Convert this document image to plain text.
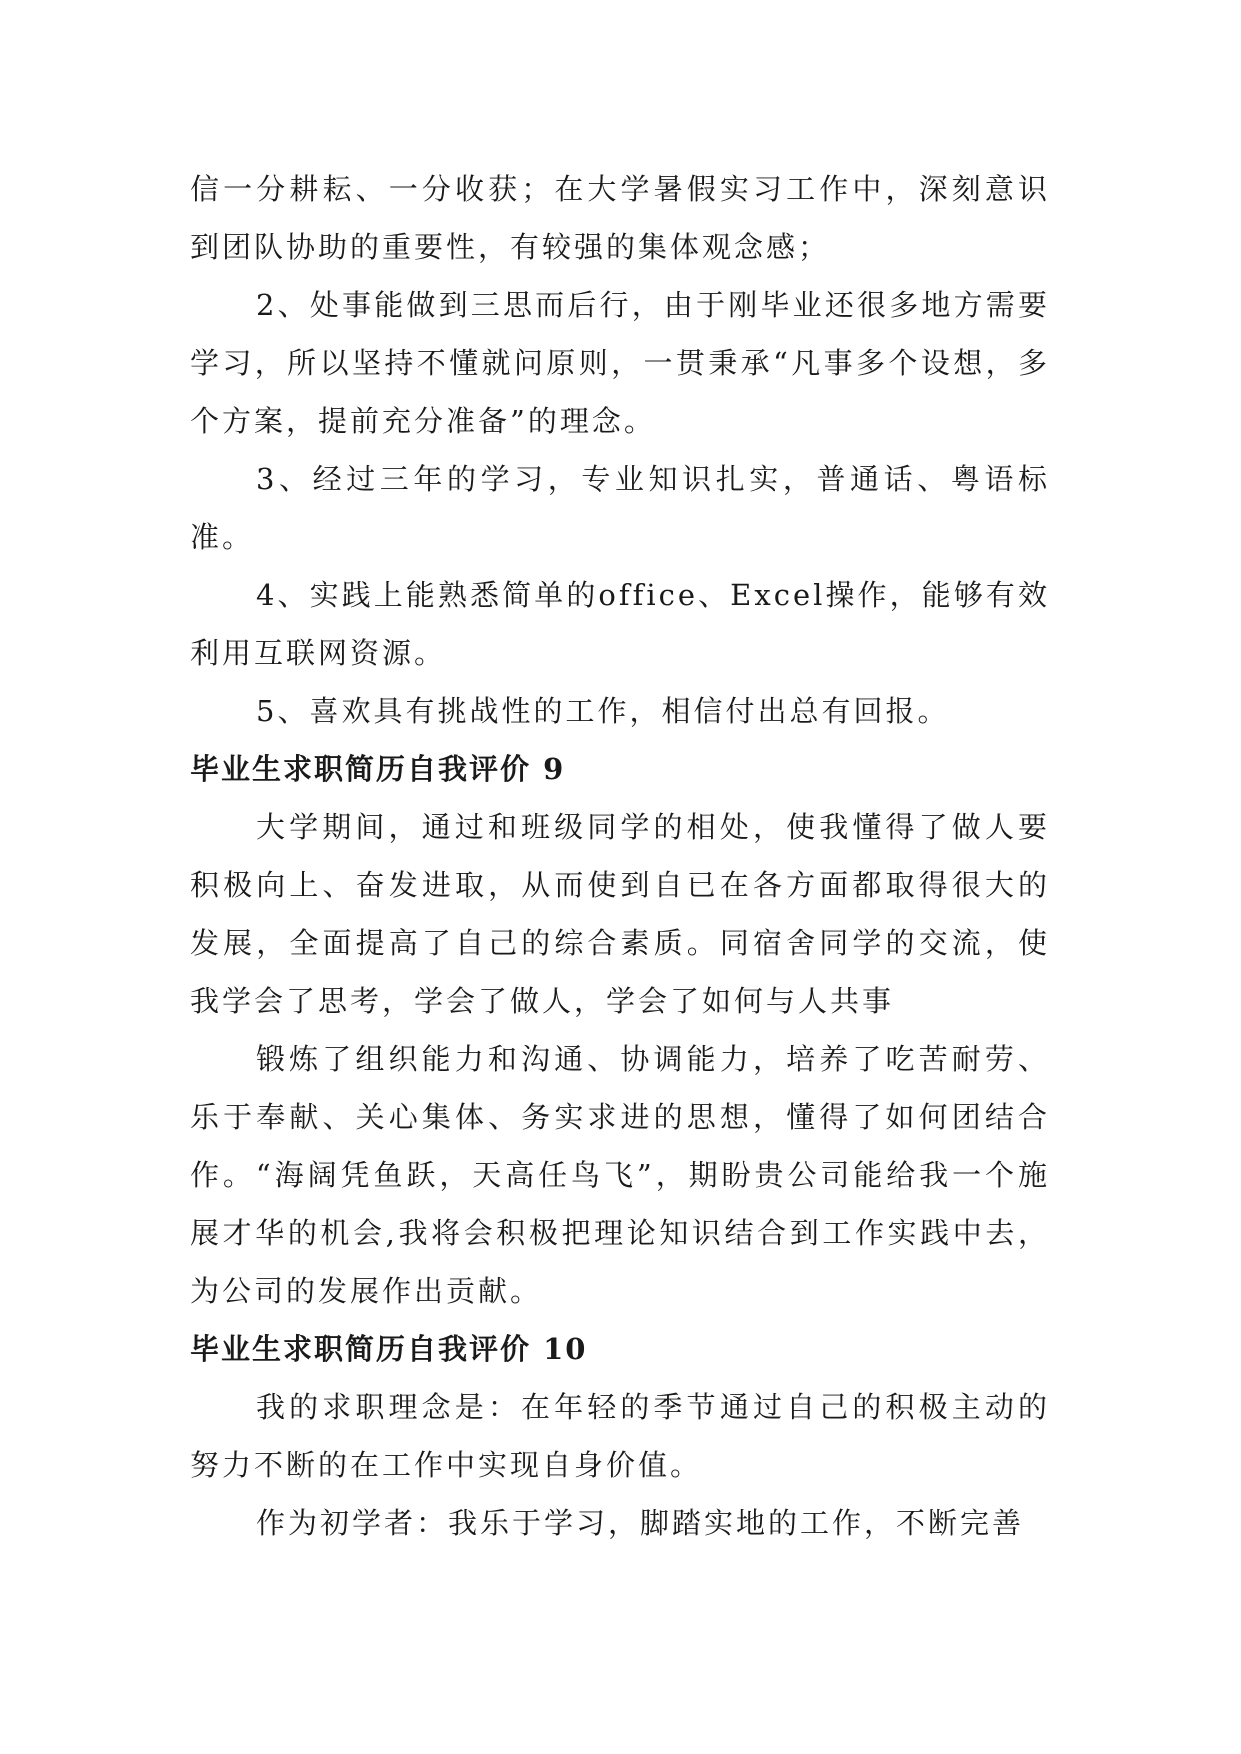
信一分耕耘、一分收获；在大学暑假实习工作中，深刻意识到团队协助的重要性，有较强的集体观念感；

2、处事能做到三思而后行，由于刚毕业还很多地方需要学习，所以坚持不懂就问原则，一贯秉承“凡事多个设想，多个方案，提前充分准备”的理念。

3、经过三年的学习，专业知识扎实，普通话、粤语标准。

4、实践上能熟悉简单的office、Excel操作，能够有效利用互联网资源。

5、喜欢具有挑战性的工作，相信付出总有回报。

毕业生求职简历自我评价 9

大学期间，通过和班级同学的相处，使我懂得了做人要积极向上、奋发进取，从而使到自已在各方面都取得很大的发展，全面提高了自己的综合素质。同宿舍同学的交流，使我学会了思考，学会了做人，学会了如何与人共事

锻炼了组织能力和沟通、协调能力，培养了吃苦耐劳、乐于奉献、关心集体、务实求进的思想，懂得了如何团结合作。“海阔凭鱼跃，天高任鸟飞”，期盼贵公司能给我一个施展才华的机会,我将会积极把理论知识结合到工作实践中去，为公司的发展作出贡献。

毕业生求职简历自我评价 10

我的求职理念是：在年轻的季节通过自己的积极主动的努力不断的在工作中实现自身价值。

作为初学者：我乐于学习，脚踏实地的工作，不断完善
